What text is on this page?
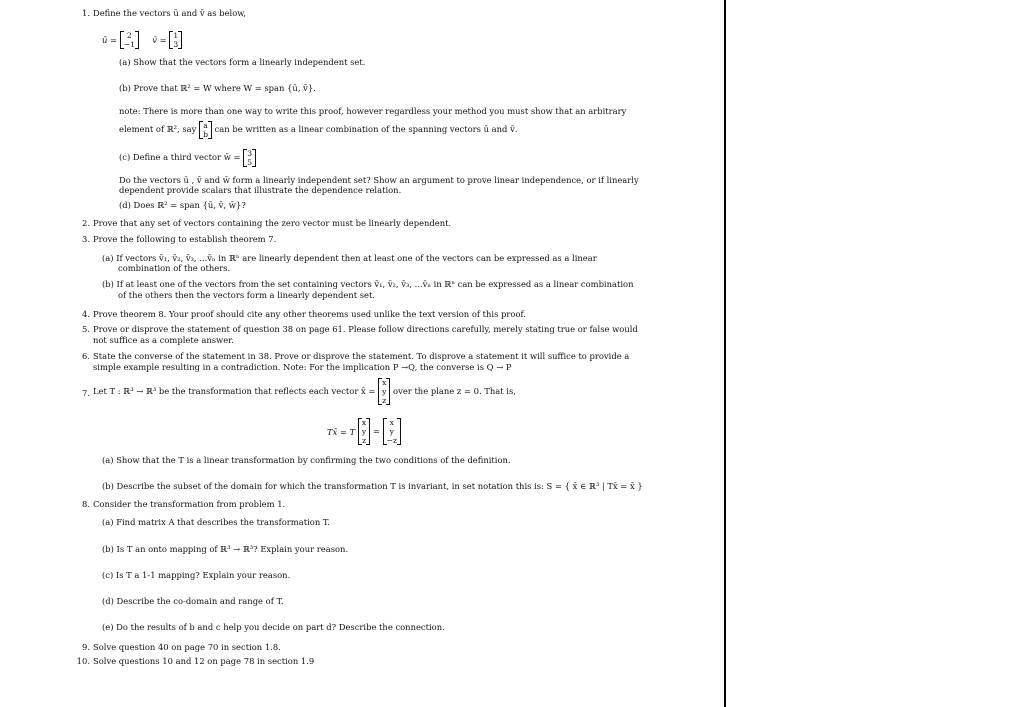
1. Define the vectors ū and v̄ as below,
ū =	2
−1 v̄ = 1
3
(a) Show that the vectors form a linearly independent set.
(b) Prove that ℝ² = W where W = span {ū, v̄}.
note: There is more than one way to write this proof, however regardless your method you must show that an arbitrary
element of ℝ², say a
b can be written as a linear combination of the spanning vectors ū and v̄.
(c) Define a third vector w̄ = 3
5
Do the vectors ū , v̄ and w̄ form a linearly independent set? Show an argument to prove linear independence, or if linearly
dependent provide scalars that illustrate the dependence relation.
(d) Does ℝ² = span {ū, v̄, w̄}?
2. Prove that any set of vectors containing the zero vector must be linearly dependent.
3. Prove the following to establish theorem 7.
(a) If vectors v̄₁, v̄₂, v̄₃, ...v̄ₙ in ℝⁿ are linearly dependent then at least one of the vectors can be expressed as a linear
combination of the others.
(b) If at least one of the vectors from the set containing vectors v̄₁, v̄₂, v̄₃, ...v̄ₙ in ℝⁿ can be expressed as a linear combination
of the others then the vectors form a linearly dependent set.
4. Prove theorem 8. Your proof should cite any other theorems used unlike the text version of this proof.
5. Prove or disprove the statement of question 38 on page 61. Please follow directions carefully, merely stating true or false would
not suffice as a complete answer.
6. State the converse of the statement in 38. Prove or disprove the statement. To disprove a statement it will suffice to provide a
simple example resulting in a contradiction. Note: For the implication P →Q, the converse is Q → P
7. Let T : ℝ³ → ℝ³ be the transformation that reflects each vector x̄ =
x
y
z
over the plane z = 0. That is,
Tx̄ = T
x
y
z
=
x
y
−z
(a) Show that the T is a linear transformation by confirming the two conditions of the definition.
(b) Describe the subset of the domain for which the transformation T is invariant, in set notation this is: S = { x̄ ∈ ℝ³ | Tx̄ = x̄ }
8. Consider the transformation from problem 1.
(a) Find matrix A that describes the transformation T.
(b) Is T an onto mapping of ℝ³ → ℝ³? Explain your reason.
(c) Is T a 1-1 mapping? Explain your reason.
(d) Describe the co-domain and range of T.
(e) Do the results of b and c help you decide on part d? Describe the connection.
9. Solve question 40 on page 70 in section 1.8.
10. Solve questions 10 and 12 on page 78 in section 1.9
